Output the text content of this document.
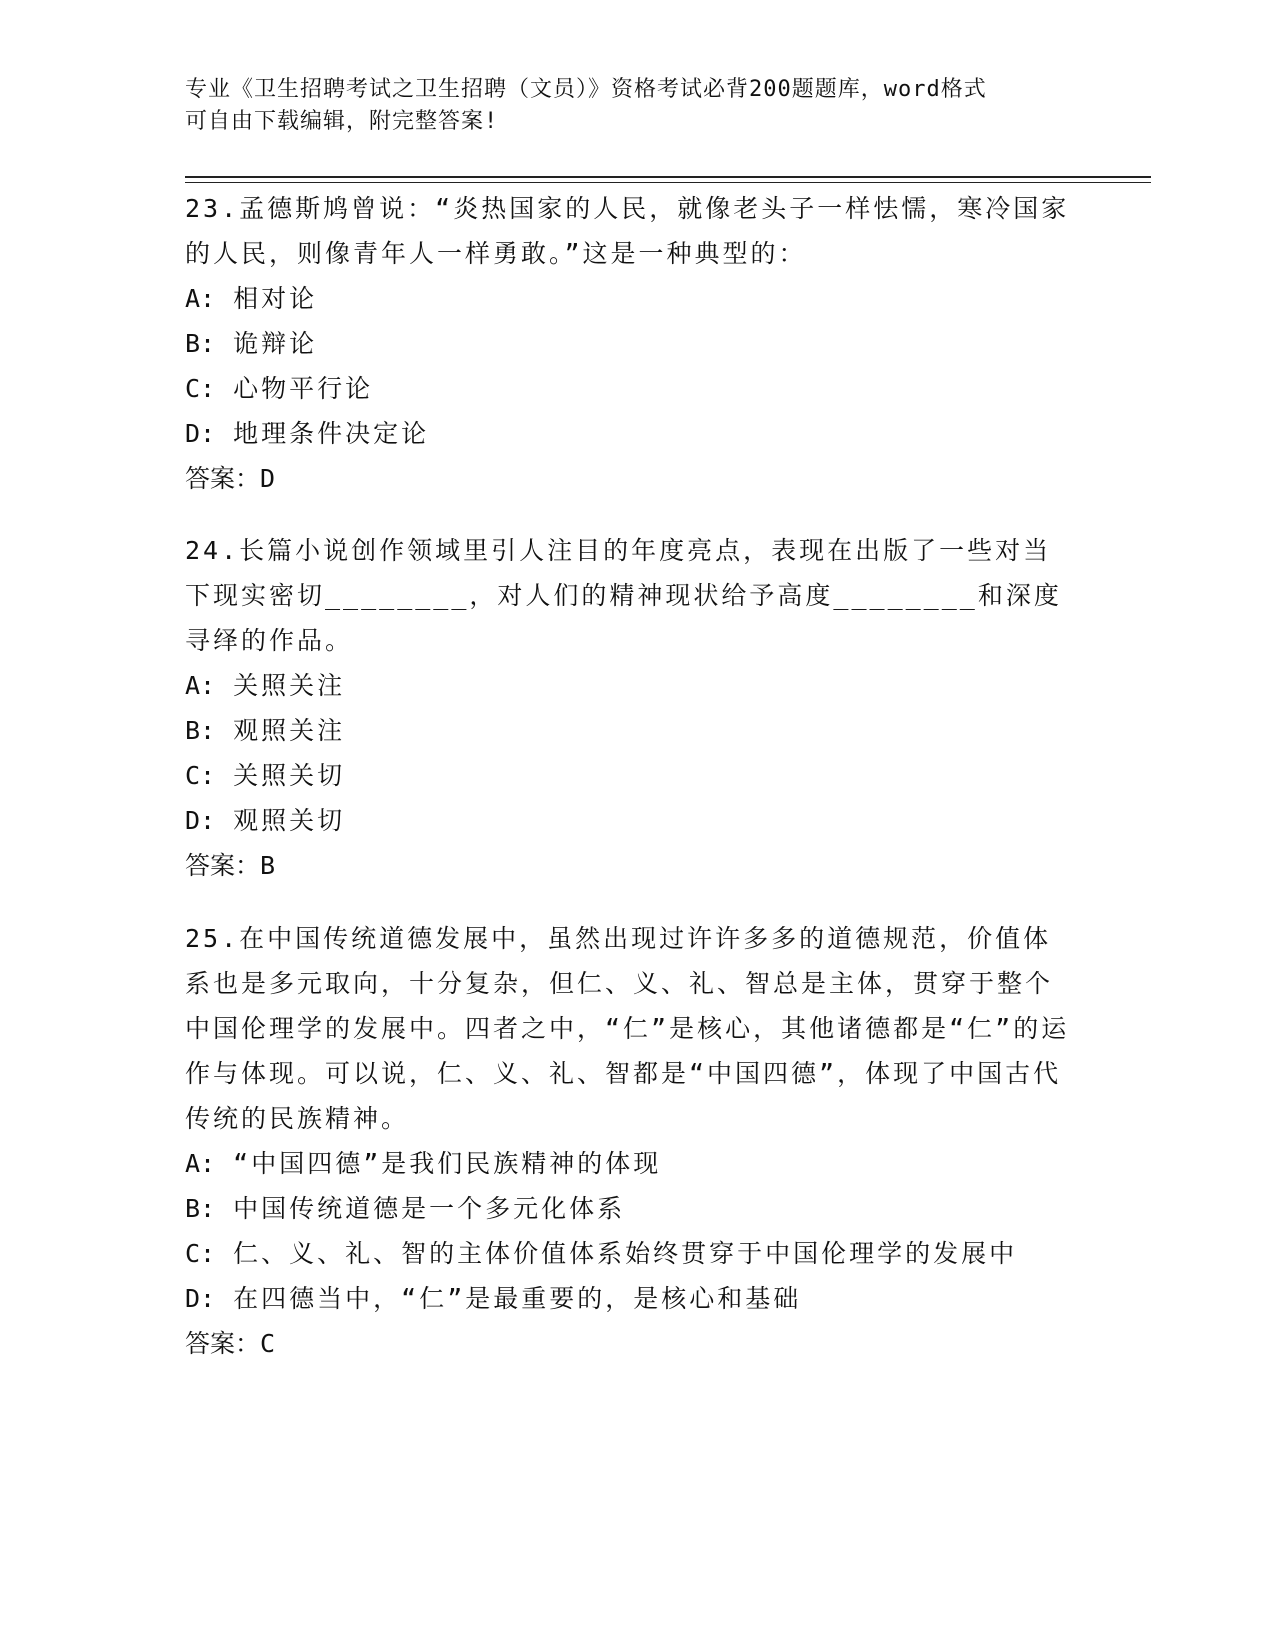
专业《卫生招聘考试之卫生招聘（文员）》资格考试必背200题题库，word格式
可自由下载编辑，附完整答案!

23.孟德斯鸠曾说：“炎热国家的人民，就像老头子一样怯懦，寒冷国家的人民，则像青年人一样勇敢。”这是一种典型的：

A: 相对论

B: 诡辩论

C: 心物平行论

D: 地理条件决定论

答案：D

24.长篇小说创作领域里引人注目的年度亮点，表现在出版了一些对当下现实密切________，对人们的精神现状给予高度________和深度寻绎的作品。

A: 关照关注

B: 观照关注

C: 关照关切

D: 观照关切

答案：B

25.在中国传统道德发展中，虽然出现过许许多多的道德规范，价值体系也是多元取向，十分复杂，但仁、义、礼、智总是主体，贯穿于整个中国伦理学的发展中。四者之中，“仁”是核心，其他诸德都是“仁”的运作与体现。可以说，仁、义、礼、智都是“中国四德”，体现了中国古代传统的民族精神。

A: “中国四德”是我们民族精神的体现

B: 中国传统道德是一个多元化体系

C: 仁、义、礼、智的主体价值体系始终贯穿于中国伦理学的发展中

D: 在四德当中，“仁”是最重要的，是核心和基础

答案：C
